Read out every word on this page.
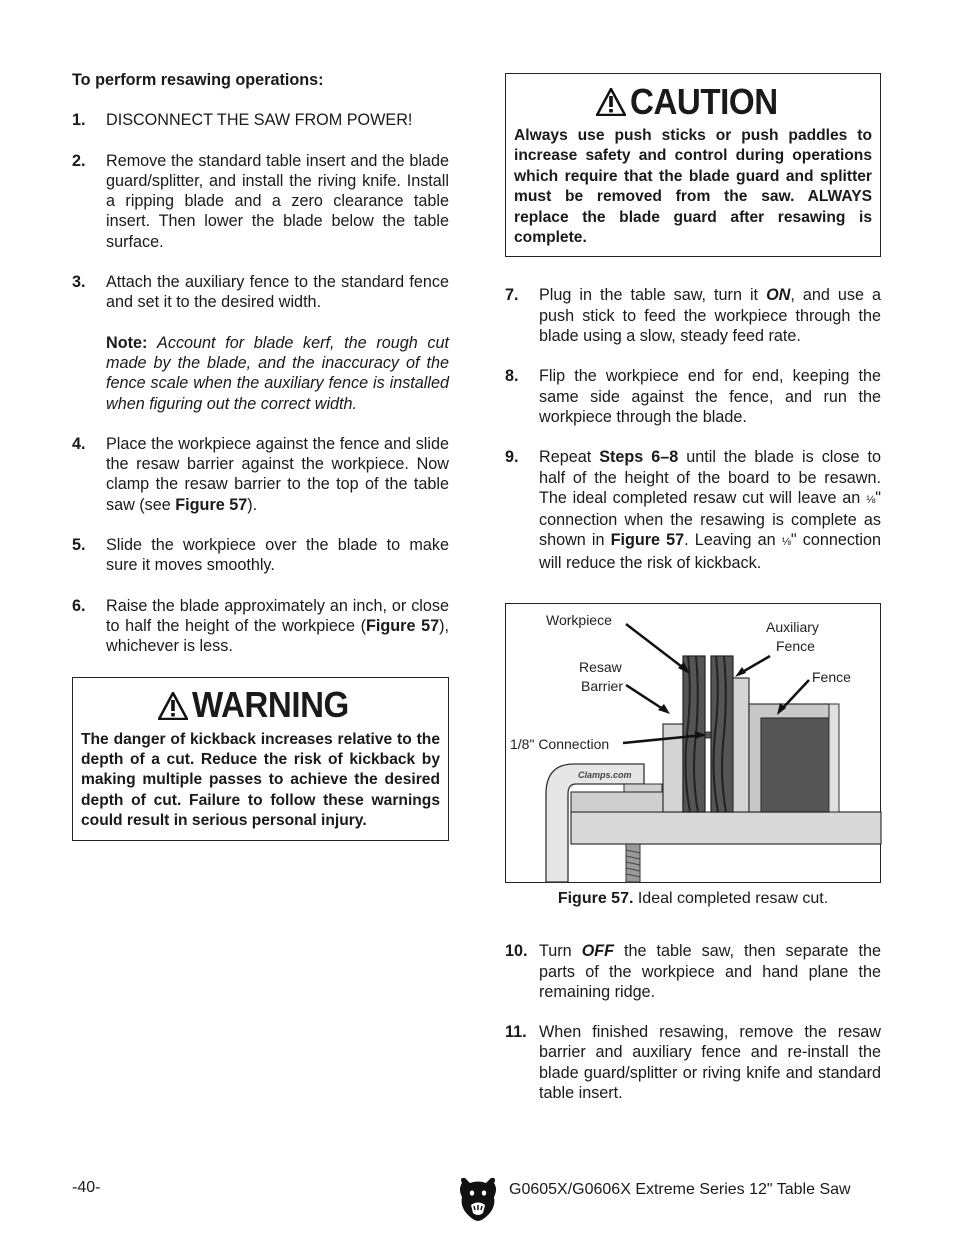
To perform resawing operations:
1.	DISCONNECT THE SAW FROM POWER!
2.	Remove the standard table insert and the blade guard/splitter, and install the riving knife. Install a ripping blade and a zero clearance table insert. Then lower the blade below the table surface.
3.	Attach the auxiliary fence to the standard fence and set it to the desired width.
Note: Account for blade kerf, the rough cut made by the blade, and the inaccuracy of the fence scale when the auxiliary fence is installed when figuring out the correct width.
4.	Place the workpiece against the fence and slide the resaw barrier against the workpiece. Now clamp the resaw barrier to the top of the table saw (see Figure 57).
5.	Slide the workpiece over the blade to make sure it moves smoothly.
6.	Raise the blade approximately an inch, or close to half the height of the workpiece (Figure 57), whichever is less.
WARNING
The danger of kickback increases relative to the depth of a cut. Reduce the risk of kickback by making multiple passes to achieve the desired depth of cut. Failure to follow these warnings could result in serious personal injury.
CAUTION
Always use push sticks or push paddles to increase safety and control during operations which require that the blade guard and splitter must be removed from the saw. ALWAYS replace the blade guard after resawing is complete.
7.	Plug in the table saw, turn it ON, and use a push stick to feed the workpiece through the blade using a slow, steady feed rate.
8.	Flip the workpiece end for end, keeping the same side against the fence, and run the workpiece through the blade.
9.	Repeat Steps 6–8 until the blade is close to half of the height of the board to be resawn. The ideal completed resaw cut will leave an ⅛" connection when the resawing is complete as shown in Figure 57. Leaving an ⅛" connection will reduce the risk of kickback.
Clamps.com
Workpiece	Auxiliary
Fence
Resaw
Barrier
Fence
1/8" Connection
Figure 57. Ideal completed resaw cut.
10. Turn OFF the table saw, then separate the parts of the workpiece and hand plane the remaining ridge.
11. When finished resawing, remove the resaw barrier and auxiliary fence and re-install the blade guard/splitter or riving knife and standard table insert.
-40-	G0605X/G0606X Extreme Series 12" Table Saw
